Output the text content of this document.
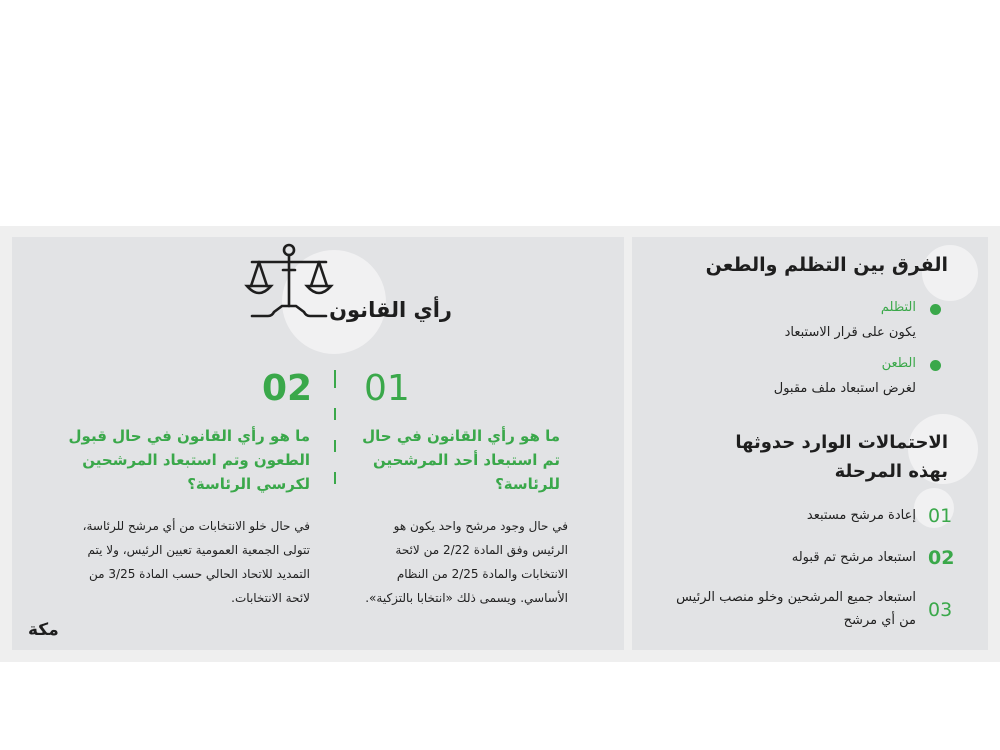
رأي القانون
02 01
ما هو رأي القانون في حال قبول الطعون وتم استبعاد المرشحين لكرسي الرئاسة؟
ما هو رأي القانون في حال تم استبعاد أحد المرشحين للرئاسة؟
في حال خلو الانتخابات من أي مرشح للرئاسة، تتولى الجمعية العمومية تعيين الرئيس، ولا يتم التمديد للاتحاد الحالي حسب المادة 3/25 من لائحة الانتخابات.
في حال وجود مرشح واحد يكون هو الرئيس وفق المادة 2/22 من لائحة الانتخابات والمادة 2/25 من النظام الأساسي. ويسمى ذلك «انتخابا بالتزكية».
مكة
الفرق بين التظلم والطعن
التظلم
يكون على قرار الاستبعاد
الطعن
لغرض استبعاد ملف مقبول
الاحتمالات الوارد حدوثها بهذه المرحلة
01
إعادة مرشح مستبعد
02
استبعاد مرشح تم قبوله
03
استبعاد جميع المرشحين وخلو منصب الرئيس من أي مرشح
